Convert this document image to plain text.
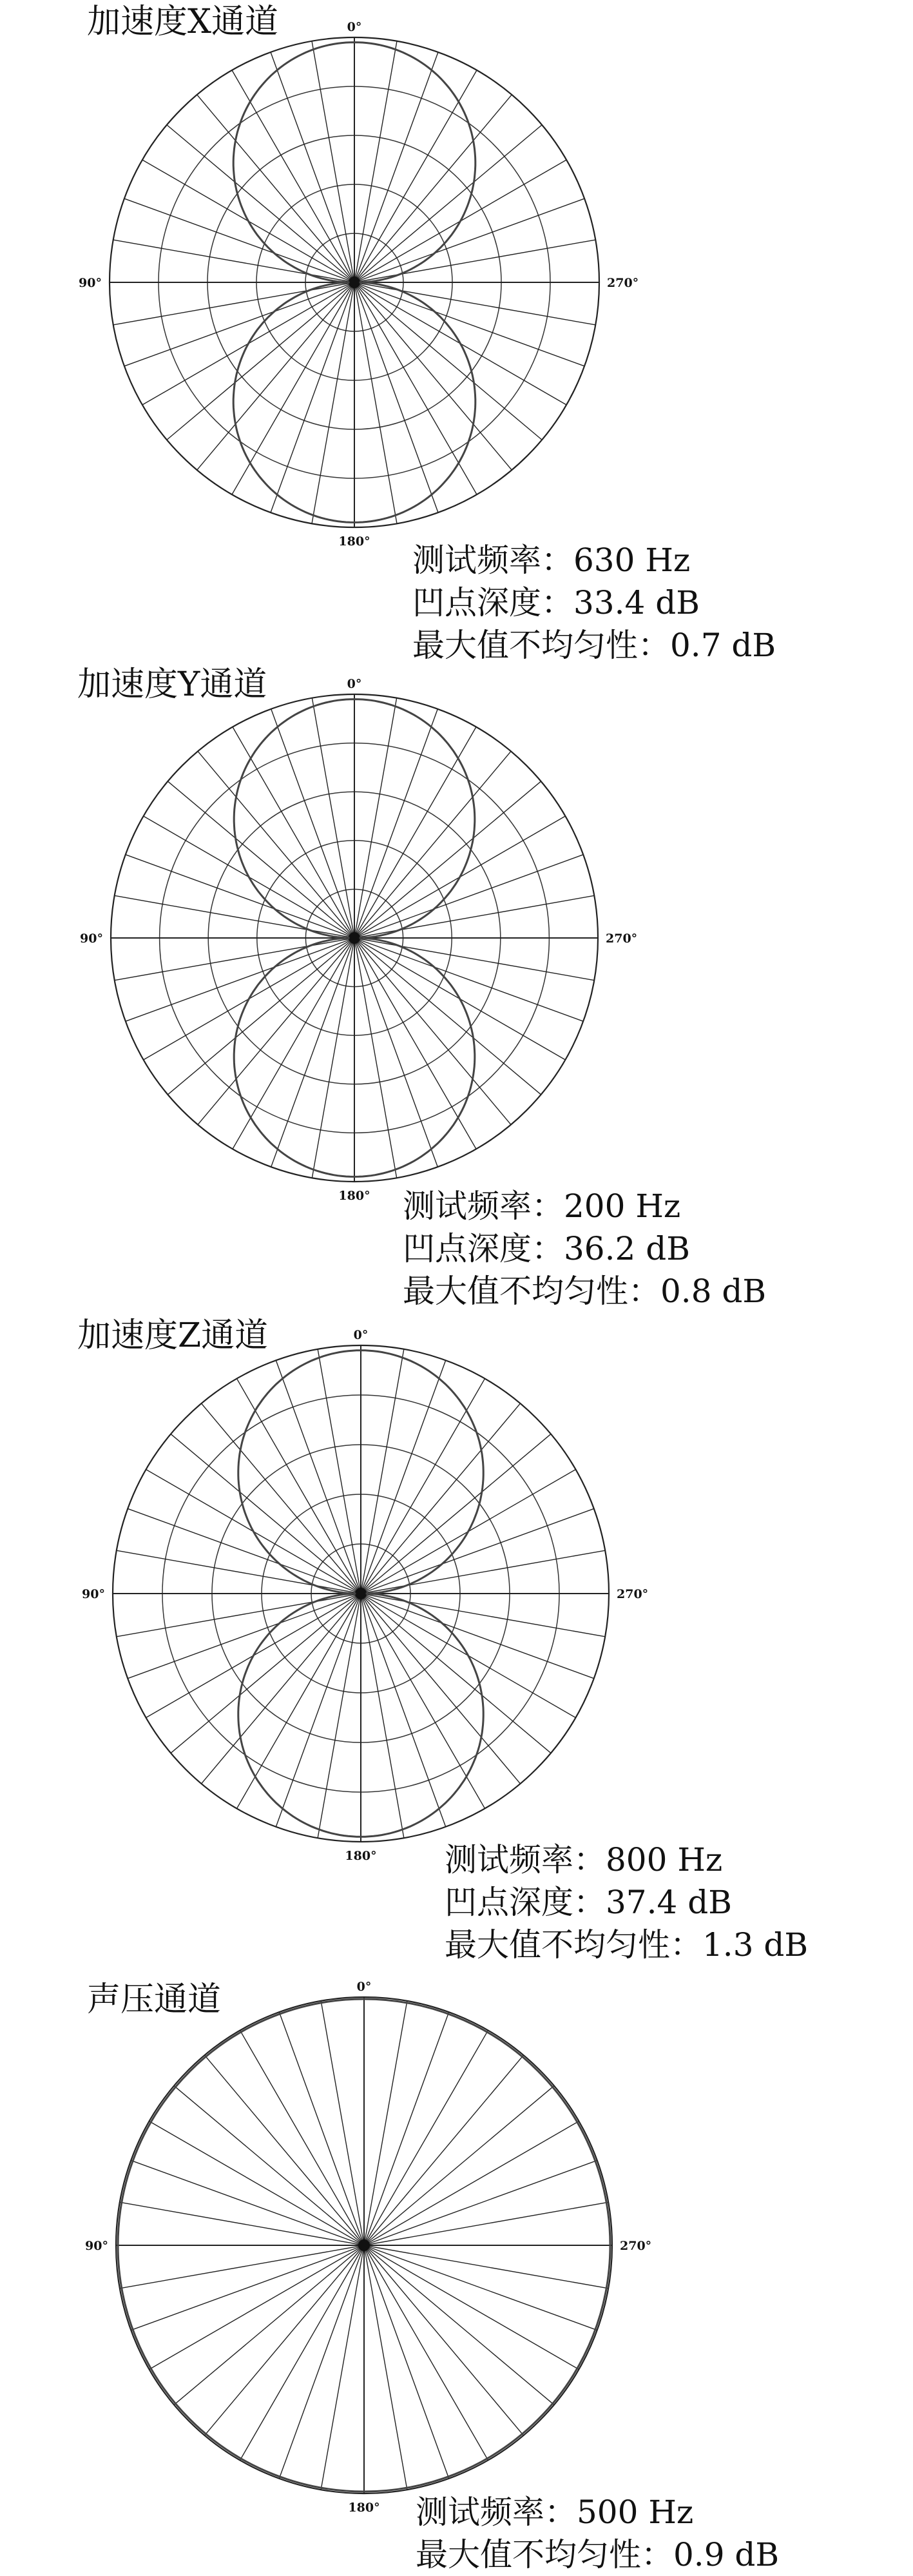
加速度X通道	0°
90°
180°
270°
测试频率：630 Hz
凹点深度：33.4 dB
最大值不均匀性：0.7 dB
加速度Y通道	0°
90°
180°
270°
测试频率：200 Hz
凹点深度：36.2 dB
最大值不均匀性：0.8 dB
加速度Z通道	0°
90°
180°
270°
测试频率：800 Hz
凹点深度：37.4 dB
最大值不均匀性：1.3 dB
声压通道	0°
90°
180°
270°
测试频率：500 Hz
最大值不均匀性：0.9 dB
